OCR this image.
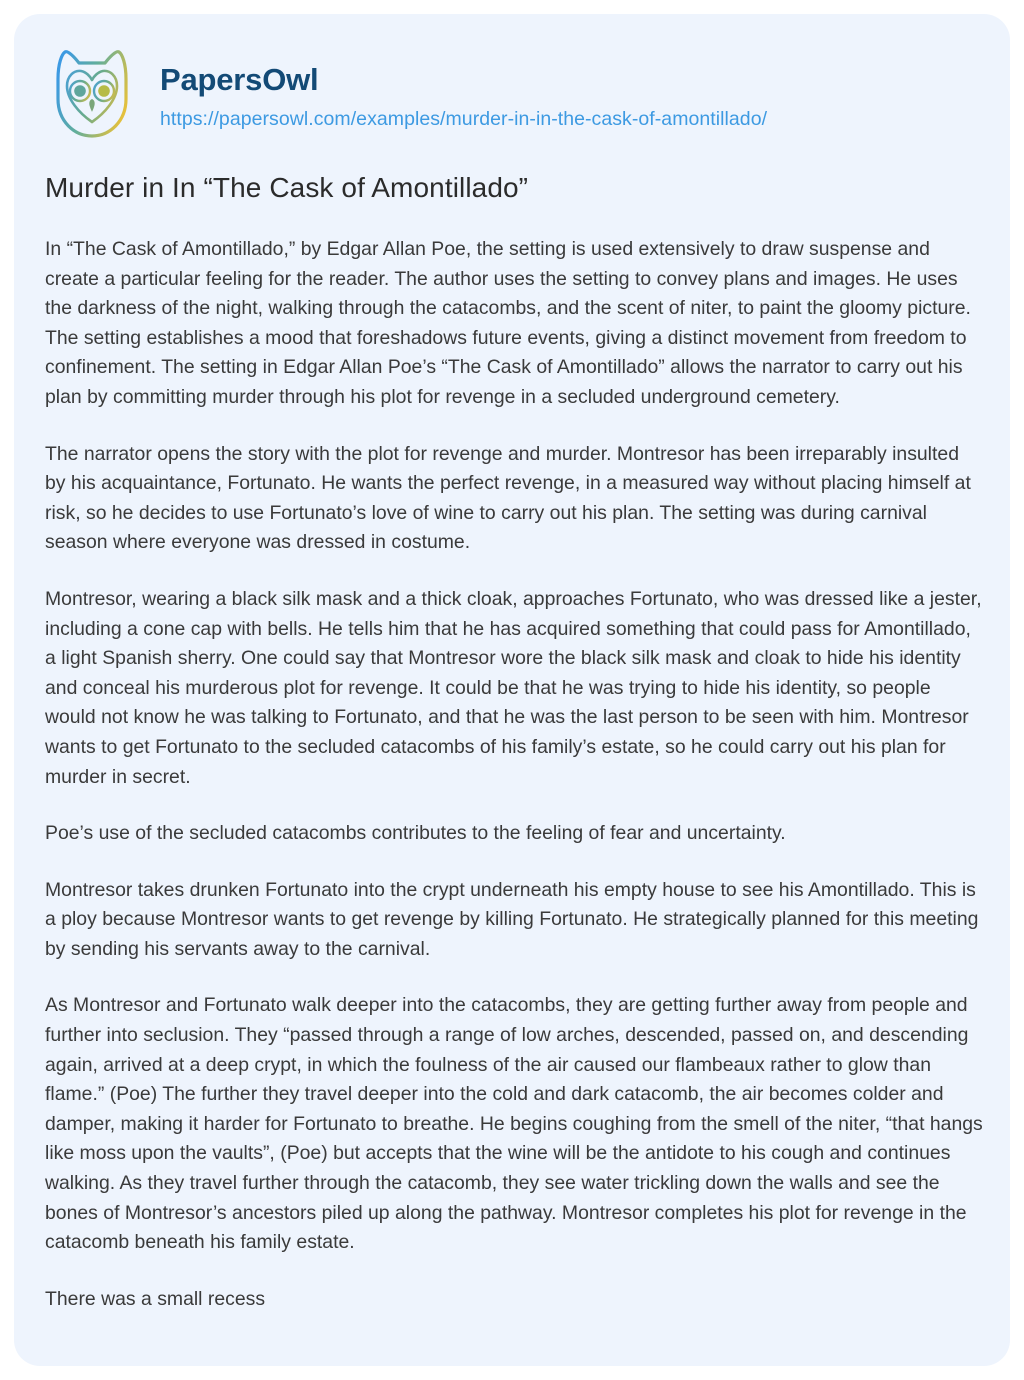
PapersOwl
https://papersowl.com/examples/murder-in-in-the-cask-of-amontillado/
Murder in In “The Cask of Amontillado”

In “The Cask of Amontillado,” by Edgar Allan Poe, the setting is used extensively to draw suspense and create a particular feeling for the reader. The author uses the setting to convey plans and images. He uses the darkness of the night, walking through the catacombs, and the scent of niter, to paint the gloomy picture. The setting establishes a mood that foreshadows future events, giving a distinct movement from freedom to confinement. The setting in Edgar Allan Poe’s “The Cask of Amontillado” allows the narrator to carry out his plan by committing murder through his plot for revenge in a secluded underground cemetery.

The narrator opens the story with the plot for revenge and murder. Montresor has been irreparably insulted by his acquaintance, Fortunato. He wants the perfect revenge, in a measured way without placing himself at risk, so he decides to use Fortunato’s love of wine to carry out his plan. The setting was during carnival season where everyone was dressed in costume.

Montresor, wearing a black silk mask and a thick cloak, approaches Fortunato, who was dressed like a jester, including a cone cap with bells. He tells him that he has acquired something that could pass for Amontillado, a light Spanish sherry. One could say that Montresor wore the black silk mask and cloak to hide his identity and conceal his murderous plot for revenge. It could be that he was trying to hide his identity, so people would not know he was talking to Fortunato, and that he was the last person to be seen with him. Montresor wants to get Fortunato to the secluded catacombs of his family’s estate, so he could carry out his plan for murder in secret.

Poe’s use of the secluded catacombs contributes to the feeling of fear and uncertainty.

Montresor takes drunken Fortunato into the crypt underneath his empty house to see his Amontillado. This is a ploy because Montresor wants to get revenge by killing Fortunato. He strategically planned for this meeting by sending his servants away to the carnival.

As Montresor and Fortunato walk deeper into the catacombs, they are getting further away from people and further into seclusion. They “passed through a range of low arches, descended, passed on, and descending again, arrived at a deep crypt, in which the foulness of the air caused our flambeaux rather to glow than flame.” (Poe) The further they travel deeper into the cold and dark catacomb, the air becomes colder and damper, making it harder for Fortunato to breathe. He begins coughing from the smell of the niter, “that hangs like moss upon the vaults”, (Poe) but accepts that the wine will be the antidote to his cough and continues walking. As they travel further through the catacomb, they see water trickling down the walls and see the bones of Montresor’s ancestors piled up along the pathway. Montresor completes his plot for revenge in the catacomb beneath his family estate.

There was a small recess
